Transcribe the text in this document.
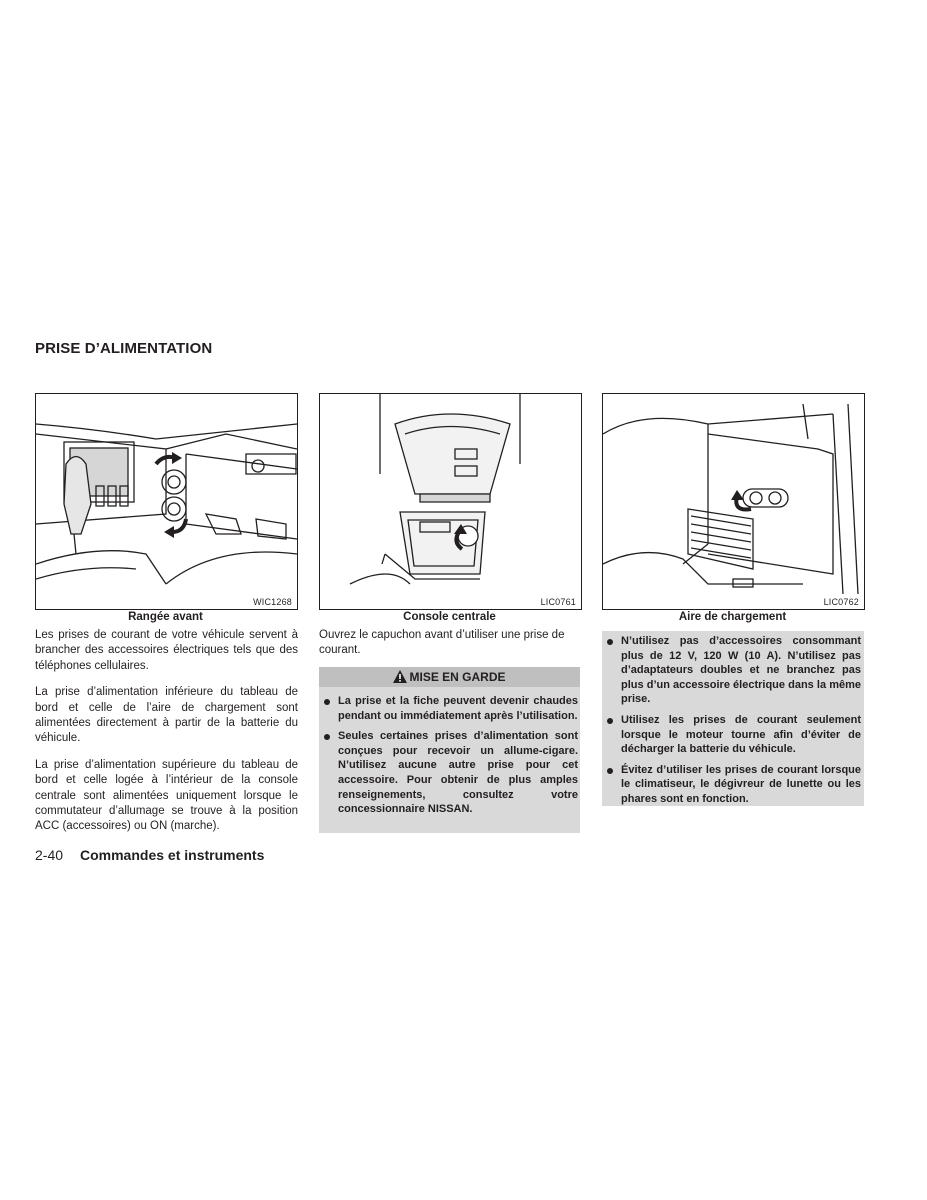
PRISE D’ALIMENTATION
WIC1268
Rangée avant
LIC0761
Console centrale
LIC0762
Aire de chargement

Les prises de courant de votre véhicule servent à brancher des accessoires électriques tels que des téléphones cellulaires.

La prise d’alimentation inférieure du tableau de bord et celle de l’aire de chargement sont alimentées directement à partir de la batterie du véhicule.

La prise d’alimentation supérieure du tableau de bord et celle logée à l’intérieur de la console centrale sont alimentées uniquement lorsque le commutateur d’allumage se trouve à la position ACC (accessoires) ou ON (marche).

Ouvrez le capuchon avant d’utiliser une prise de courant.

MISE EN GARDE
La prise et la fiche peuvent devenir chaudes pendant ou immédiatement après l’utilisation.
Seules certaines prises d’alimentation sont conçues pour recevoir un allume-cigare. N’utilisez aucune autre prise pour cet accessoire. Pour obtenir de plus amples renseignements, consultez votre concessionnaire NISSAN.
N’utilisez pas d’accessoires consommant plus de 12 V, 120 W (10 A). N’utilisez pas d’adaptateurs doubles et ne branchez pas plus d’un accessoire électrique dans la même prise.
Utilisez les prises de courant seulement lorsque le moteur tourne afin d’éviter de décharger la batterie du véhicule.
Évitez d’utiliser les prises de courant lorsque le climatiseur, le dégivreur de lunette ou les phares sont en fonction.
2-40 Commandes et instruments
